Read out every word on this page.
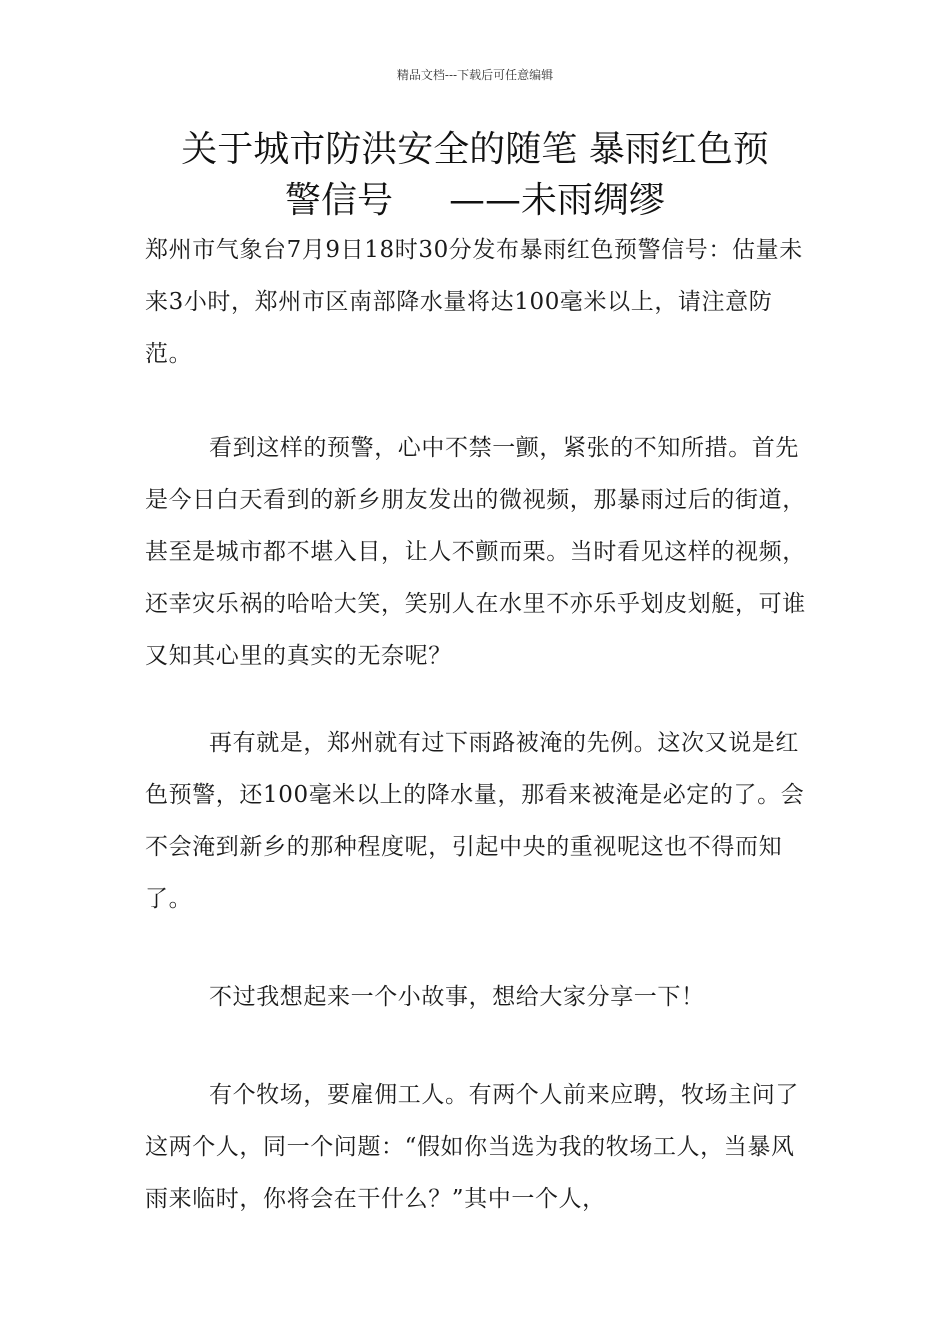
精品文档---下载后可任意编辑
关于城市防洪安全的随笔 暴雨红色预
警信号 ——未雨绸缪

郑州市气象台7月9日18时30分发布暴雨红色预警信号：估量未来3小时，郑州市区南部降水量将达100毫米以上，请注意防范。

看到这样的预警，心中不禁一颤，紧张的不知所措。首先是今日白天看到的新乡朋友发出的微视频，那暴雨过后的街道，甚至是城市都不堪入目，让人不颤而栗。当时看见这样的视频，还幸灾乐祸的哈哈大笑，笑别人在水里不亦乐乎划皮划艇，可谁又知其心里的真实的无奈呢？

再有就是，郑州就有过下雨路被淹的先例。这次又说是红色预警，还100毫米以上的降水量，那看来被淹是必定的了。会不会淹到新乡的那种程度呢，引起中央的重视呢这也不得而知了。

不过我想起来一个小故事，想给大家分享一下！

有个牧场，要雇佣工人。有两个人前来应聘，牧场主问了这两个人，同一个问题：“假如你当选为我的牧场工人，当暴风雨来临时，你将会在干什么？”其中一个人，
